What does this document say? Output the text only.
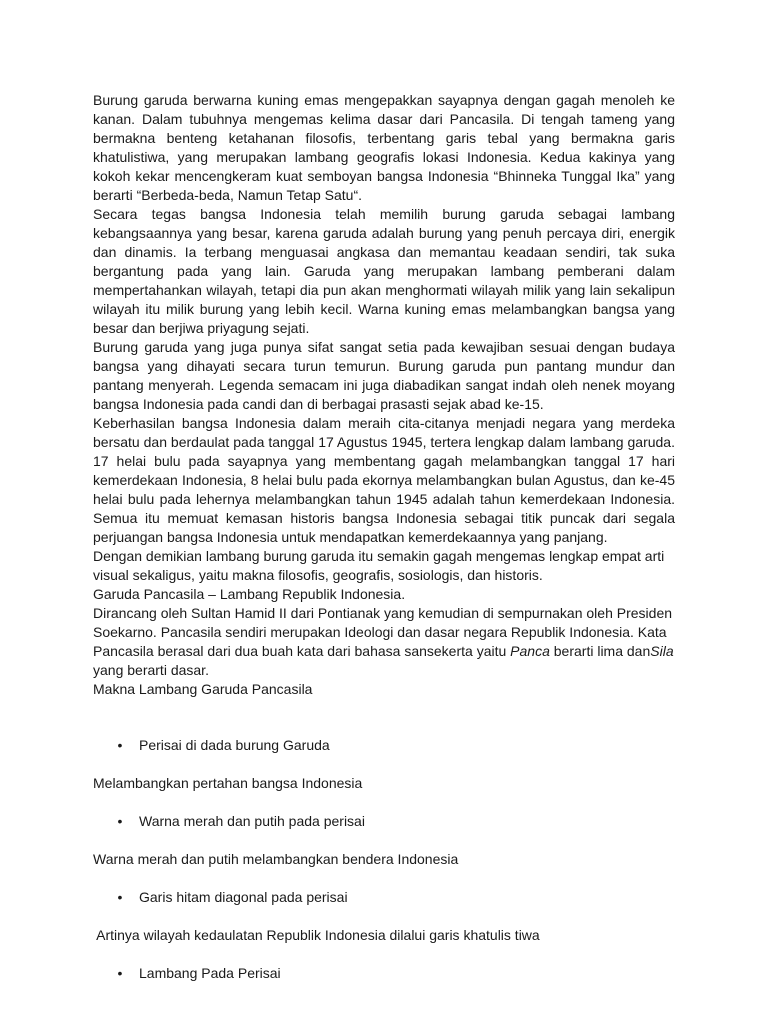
Burung garuda berwarna kuning emas mengepakkan sayapnya dengan gagah menoleh ke kanan. Dalam tubuhnya mengemas kelima dasar dari Pancasila. Di tengah tameng yang bermakna benteng ketahanan filosofis, terbentang garis tebal yang bermakna garis khatulistiwa, yang merupakan lambang geografis lokasi Indonesia. Kedua kakinya yang kokoh kekar mencengkeram kuat semboyan bangsa Indonesia “Bhinneka Tunggal Ika” yang berarti “Berbeda-beda, Namun Tetap Satu“.

Secara tegas bangsa Indonesia telah memilih burung garuda sebagai lambang kebangsaannya yang besar, karena garuda adalah burung yang penuh percaya diri, energik dan dinamis. Ia terbang menguasai angkasa dan memantau keadaan sendiri, tak suka bergantung pada yang lain. Garuda yang merupakan lambang pemberani dalam mempertahankan wilayah, tetapi dia pun akan menghormati wilayah milik yang lain sekalipun wilayah itu milik burung yang lebih kecil. Warna kuning emas melambangkan bangsa yang besar dan berjiwa priyagung sejati.

Burung garuda yang juga punya sifat sangat setia pada kewajiban sesuai dengan budaya bangsa yang dihayati secara turun temurun. Burung garuda pun pantang mundur dan pantang menyerah. Legenda semacam ini juga diabadikan sangat indah oleh nenek moyang bangsa Indonesia pada candi dan di berbagai prasasti sejak abad ke-15.

Keberhasilan bangsa Indonesia dalam meraih cita-citanya menjadi negara yang merdeka bersatu dan berdaulat pada tanggal 17 Agustus 1945, tertera lengkap dalam lambang garuda. 17 helai bulu pada sayapnya yang membentang gagah melambangkan tanggal 17 hari kemerdekaan Indonesia, 8 helai bulu pada ekornya melambangkan bulan Agustus, dan ke-45 helai bulu pada lehernya melambangkan tahun 1945 adalah tahun kemerdekaan Indonesia. Semua itu memuat kemasan historis bangsa Indonesia sebagai titik puncak dari segala perjuangan bangsa Indonesia untuk mendapatkan kemerdekaannya yang panjang.

Dengan demikian lambang burung garuda itu semakin gagah mengemas lengkap empat arti visual sekaligus, yaitu makna filosofis, geografis, sosiologis, dan historis.

Garuda Pancasila – Lambang Republik Indonesia.

Dirancang oleh Sultan Hamid II dari Pontianak yang kemudian di sempurnakan oleh Presiden Soekarno. Pancasila sendiri merupakan Ideologi dan dasar negara Republik Indonesia. Kata Pancasila berasal dari dua buah kata dari bahasa sansekerta yaitu Panca berarti lima danSila yang berarti dasar.

Makna Lambang Garuda Pancasila

• Perisai di dada burung Garuda

Melambangkan pertahan bangsa Indonesia

• Warna merah dan putih pada perisai

Warna merah dan putih melambangkan bendera Indonesia

• Garis hitam diagonal pada perisai

Artinya wilayah kedaulatan Republik Indonesia dilalui garis khatulis tiwa

• Lambang Pada Perisai
